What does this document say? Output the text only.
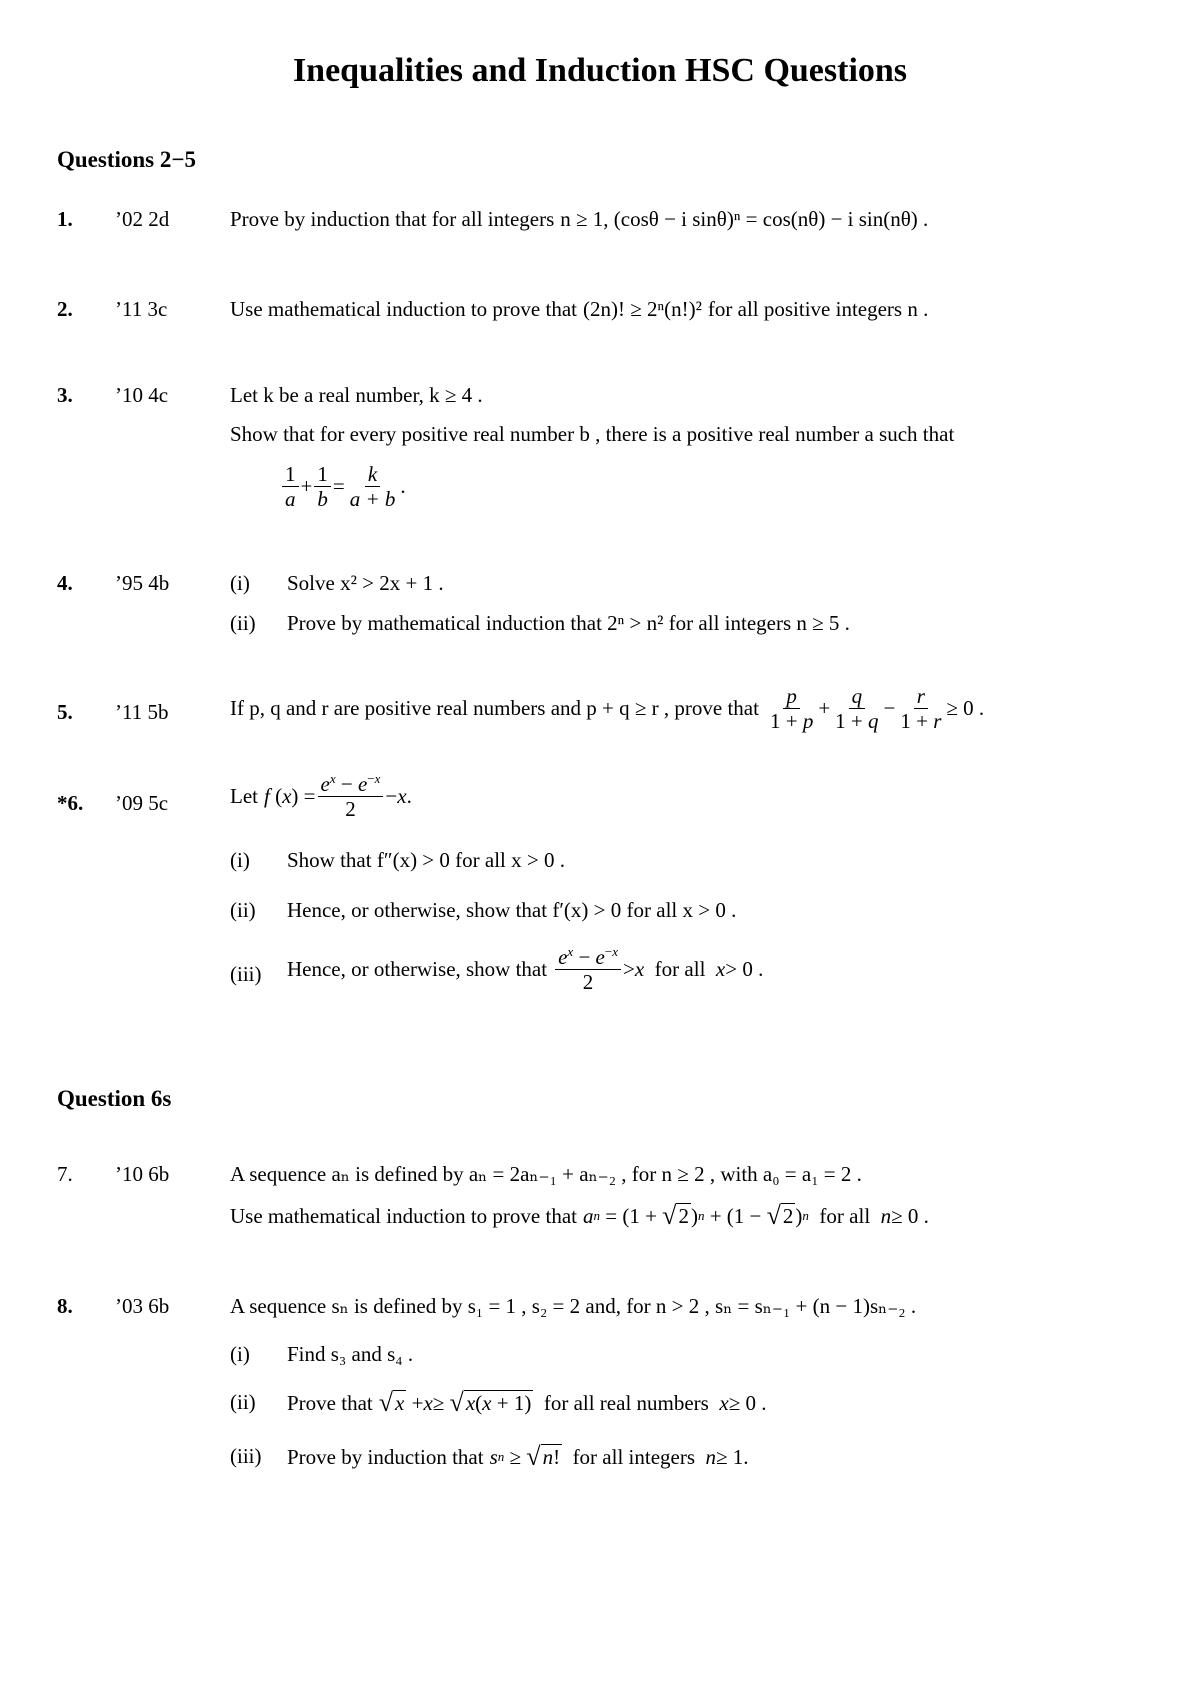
Inequalities and Induction HSC Questions
Questions 2−5
1. ’02 2d	Prove by induction that for all integers n ≥ 1, (cosθ − i sinθ)ⁿ = cos(nθ) − i sin(nθ) .
2. ’11 3c	Use mathematical induction to prove that (2n)! ≥ 2ⁿ(n!)² for all positive integers n .
3. ’10 4c	Let k be a real number, k ≥ 4 .
Show that for every positive real number b , there is a positive real number a such that
$\frac{1}{a} + \frac{1}{b} = \frac{k}{a + b}$ .
4. ’95 4b	(i) Solve x² > 2x + 1 .
(ii) Prove by mathematical induction that 2ⁿ > n² for all integers n ≥ 5 .
5. ’11 5b	If p, q and r are positive real numbers and p + q ≥ r , prove that $\frac{p}{1 + p} + \frac{q}{1 + q} - \frac{r}{1 + r} \ge 0$ .
*6. ’09 5c	Let f ( x ) = $\frac{e^x - e^{-x}}{2} - x$ .
(i) Show that f″(x) > 0 for all x > 0 .
(ii) Hence, or otherwise, show that f′(x) > 0 for all x > 0 .
(iii) Hence, or otherwise, show that $\frac{e^x - e^{-x}}{2} > x$ for all x > 0 .
Question 6s
7. ’10 6b	A sequence aₙ is defined by aₙ = 2aₙ₋₁ + aₙ₋₂ , for n ≥ 2 , with a₀ = a₁ = 2 .
Use mathematical induction to prove that a n = (1 + √ 2 ) n + (1 − √ 2 ) n for all n ≥ 0 .
8. ’03 6b	A sequence sₙ is defined by s₁ = 1 , s₂ = 2 and, for n > 2 , sₙ = sₙ₋₁ + (n − 1)sₙ₋₂ .
(i) Find s₃ and s₄ .
(ii) Prove that √ x + x ≥ √ x(x + 1) for all real numbers x ≥ 0 .
(iii) Prove by induction that s n ≥ √ n! for all integers n ≥ 1.
